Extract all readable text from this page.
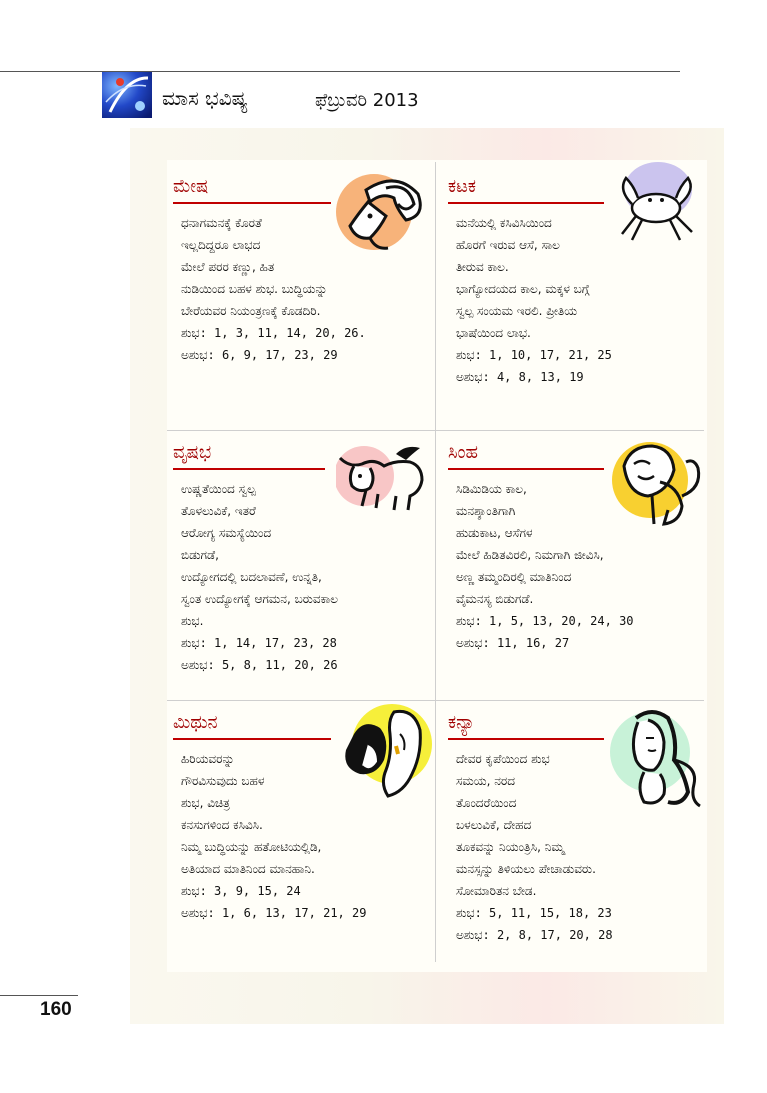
ಮಾಸ ಭವಿಷ್ಯ	ಫೆಬ್ರುವರಿ 2013
ಮೇಷ
ಧನಾಗಮನಕ್ಕೆ ಕೊರತೆ
ಇಲ್ಲದಿದ್ದರೂ ಲಾಭದ
ಮೇಲೆ ಪರರ ಕಣ್ಣು, ಹಿತ
ನುಡಿಯಿಂದ ಬಹಳ ಶುಭ. ಬುದ್ಧಿಯನ್ನು
ಬೇರೆಯವರ ನಿಯಂತ್ರಣಕ್ಕೆ ಕೊಡದಿರಿ.
ಶುಭ: 1, 3, 11, 14, 20, 26.
ಅಶುಭ: 6, 9, 17, 23, 29
ಕಟಕ
ಮನೆಯಲ್ಲಿ ಕಸಿವಿಸಿಯಿಂದ
ಹೊರಗೆ ಇರುವ ಆಸೆ, ಸಾಲ
ತೀರುವ ಕಾಲ.
ಭಾಗ್ಯೋದಯದ ಕಾಲ, ಮಕ್ಕಳ ಬಗ್ಗೆ
ಸ್ವಲ್ಪ ಸಂಯಮ ಇರಲಿ. ಪ್ರೀತಿಯ
ಭಾಷೆಯಿಂದ ಲಾಭ.
ಶುಭ: 1, 10, 17, 21, 25
ಅಶುಭ: 4, 8, 13, 19
ವೃಷಭ
ಉಷ್ಣತೆಯಿಂದ ಸ್ವಲ್ಪ
ತೊಳಲುವಿಕೆ, ಇತರೆ
ಆರೋಗ್ಯ ಸಮಸ್ಯೆಯಿಂದ
ಬಿಡುಗಡೆ,
ಉದ್ಯೋಗದಲ್ಲಿ ಬದಲಾವಣೆ, ಉನ್ನತಿ,
ಸ್ವಂತ ಉದ್ಯೋಗಕ್ಕೆ ಆಗಮನ, ಬರುವಕಾಲ
ಶುಭ.
ಶುಭ: 1, 14, 17, 23, 28
ಅಶುಭ: 5, 8, 11, 20, 26
ಸಿಂಹ
ಸಿಡಿಮಿಡಿಯ ಕಾಲ,
ಮನಶ್ಶಾಂತಿಗಾಗಿ
ಹುಡುಕಾಟ, ಆಸೆಗಳ
ಮೇಲೆ ಹಿಡಿತವಿರಲಿ, ನಿಮಗಾಗಿ ಜೀವಿಸಿ,
ಅಣ್ಣ ತಮ್ಮಂದಿರಲ್ಲಿ ಮಾತಿನಿಂದ
ವೈಮನಸ್ಯ ಬಿಡುಗಡೆ.
ಶುಭ: 1, 5, 13, 20, 24, 30
ಅಶುಭ: 11, 16, 27
ಮಿಥುನ
ಹಿರಿಯವರನ್ನು
ಗೌರವಿಸುವುದು ಬಹಳ
ಶುಭ, ವಿಚಿತ್ರ
ಕನಸುಗಳಿಂದ ಕಸಿವಿಸಿ.
ನಿಮ್ಮ ಬುದ್ಧಿಯನ್ನು ಹತೋಟಿಯಲ್ಲಿಡಿ,
ಅತಿಯಾದ ಮಾತಿನಿಂದ ಮಾನಹಾನಿ.
ಶುಭ: 3, 9, 15, 24
ಅಶುಭ: 1, 6, 13, 17, 21, 29
ಕನ್ಯಾ
ದೇವರ ಕೃಪೆಯಿಂದ ಶುಭ
ಸಮಯ, ನರದ
ತೊಂದರೆಯಿಂದ
ಬಳಲುವಿಕೆ, ದೇಹದ
ತೂಕವನ್ನು ನಿಯಂತ್ರಿಸಿ, ನಿಮ್ಮ
ಮನಸ್ಸನ್ನು ತಿಳಿಯಲು ಪೇಚಾಡುವರು.
ಸೋಮಾರಿತನ ಬೇಡ.
ಶುಭ: 5, 11, 15, 18, 23
ಅಶುಭ: 2, 8, 17, 20, 28
160
